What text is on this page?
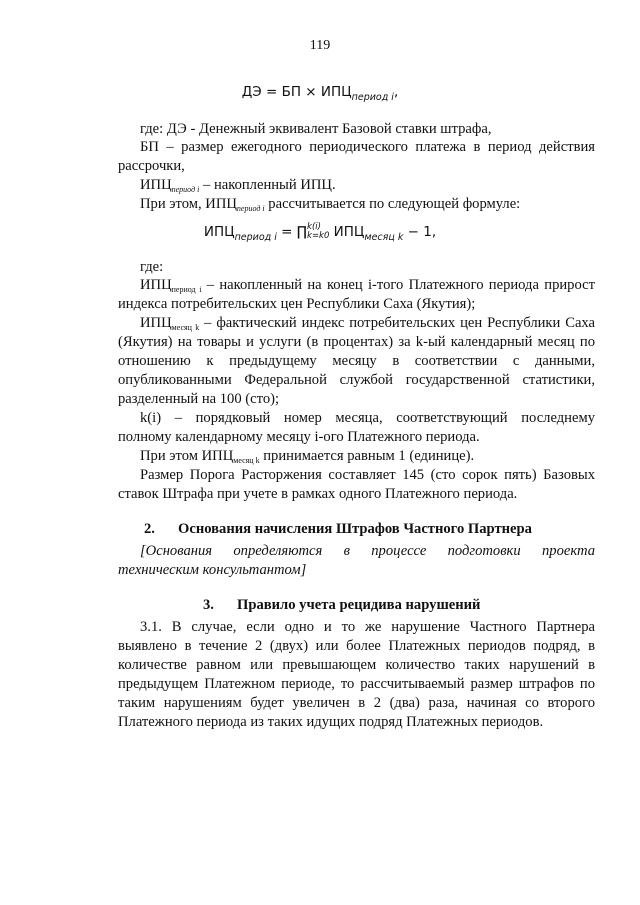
119
ДЭ = БП × $ИПЦ_{период i}$,
где: ДЭ - Денежный эквивалент Базовой ставки штрафа,
БП – размер ежегодного периодического платежа в период действия
рассрочки,
$ИПЦ_{период i}$ – накопленный ИПЦ.
При этом, $ИПЦ_{период i}$ рассчитывается по следующей формуле:
$ИПЦ_{период i}$ = ∏ k(i)
k=k0 $ИПЦ_{месяц k} - 1$,
где:
$ИПЦ_{период i}$ – накопленный на конец i-того Платежного периода прирост
индекса потребительских цен Республики Саха (Якутия);
$ИПЦ_{месяц k}$ – фактический индекс потребительских цен Республики Саха
(Якутия) на товары и услуги (в процентах) за k-ый календарный месяц по
отношению к предыдущему месяцу в соответствии с данными,
опубликованными Федеральной службой государственной статистики,
разделенный на 100 (сто);
k(i) – порядковый номер месяца, соответствующий последнему
полному календарному месяцу i-ого Платежного периода.
При этом $ИПЦ_{месяц k}$ принимается равным 1 (единице).
Размер Порога Расторжения составляет 145 (сто сорок пять) Базовых
ставок Штрафа при учете в рамках одного Платежного периода.
2. Основания начисления Штрафов Частного Партнера
[Основания определяются в процессе подготовки проекта
техническим консультантом]
3. Правило учета рецидива нарушений
3.1. В случае, если одно и то же нарушение Частного Партнера
выявлено в течение 2 (двух) или более Платежных периодов подряд, в
количестве равном или превышающем количество таких нарушений в
предыдущем Платежном периоде, то рассчитываемый размер штрафов по
таким нарушениям будет увеличен в 2 (два) раза, начиная со второго
Платежного периода из таких идущих подряд Платежных периодов.
